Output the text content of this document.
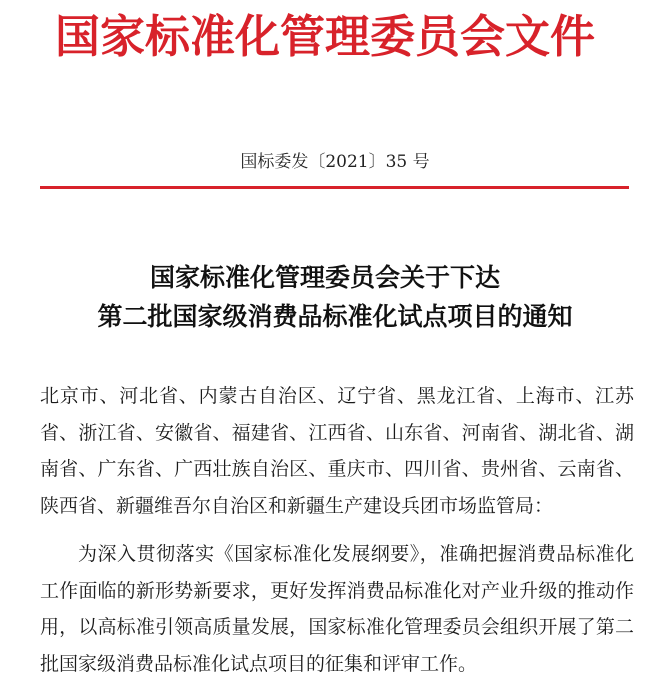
国家标准化管理委员会文件
国标委发〔2021〕35 号
国家标准化管理委员会关于下达
第二批国家级消费品标准化试点项目的通知
北京市、河北省、内蒙古自治区、辽宁省、黑龙江省、上海市、江苏省、浙江省、安徽省、福建省、江西省、山东省、河南省、湖北省、湖南省、广东省、广西壮族自治区、重庆市、四川省、贵州省、云南省、陕西省、新疆维吾尔自治区和新疆生产建设兵团市场监管局：
为深入贯彻落实《国家标准化发展纲要》，准确把握消费品标准化工作面临的新形势新要求，更好发挥消费品标准化对产业升级的推动作用，以高标准引领高质量发展，国家标准化管理委员会组织开展了第二批国家级消费品标准化试点项目的征集和评审工作。
